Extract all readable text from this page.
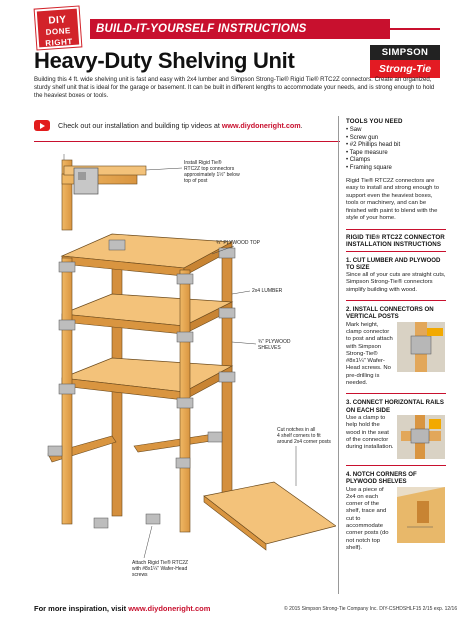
DIY
DONE
RIGHT
BUILD-IT-YOURSELF INSTRUCTIONS
Heavy-Duty Shelving Unit	SIMPSON
Strong-Tie

Building this 4 ft. wide shelving unit is fast and easy with 2x4 lumber and Simpson Strong-Tie® Rigid Tie® RTC2Z connectors. Create an organized, sturdy shelf unit that is ideal for the garage or basement. It can be built in different lengths to accommodate your needs, and is strong enough to hold the heaviest boxes or tools.

Check out our installation and building tip videos at www.diydoneright.com.
Install Rigid Tie®
RTC2Z top connectors
approximately 1½" below
top of post
¾" PLYWOOD TOP
2x4 LUMBER
¾" PLYWOOD
SHELVES
Cut notches in all
4 shelf corners to fit
around 2x4 corner posts
Attach Rigid Tie® RTC2Z
with #8x1¼" Wafer-Head
screws
TOOLS YOU NEED
• Saw
• Screw gun
• #2 Phillips head bit
• Tape measure
• Clamps
• Framing square

Rigid Tie® RTC2Z connectors are easy to install and strong enough to support even the heaviest boxes, tools or machinery, and can be finished with paint to blend with the style of your home.

RIGID TIE® RTC2Z CONNECTOR INSTALLATION INSTRUCTIONS
1. CUT LUMBER AND PLYWOOD TO SIZE
Since all of your cuts are straight cuts, Simpson Strong-Tie® connectors simplify building with wood.
2. INSTALL CONNECTORS ON VERTICAL POSTS
Mark height, clamp connector to post and attach with Simpson Strong-Tie® #8x1¼" Wafer-Head screws. No pre-drilling is needed.
3. CONNECT HORIZONTAL RAILS ON EACH SIDE
Use a clamp to help hold the wood in the seat of the connector during installation.
4. NOTCH CORNERS OF PLYWOOD SHELVES
Use a piece of 2x4 on each corner of the shelf, trace and cut to accommodate corner posts (do not notch top shelf).
For more inspiration, visit www.diydoneright.com	© 2015 Simpson Strong-Tie Company Inc. DIY-CSHDSHLF15 2/15 exp. 12/16
